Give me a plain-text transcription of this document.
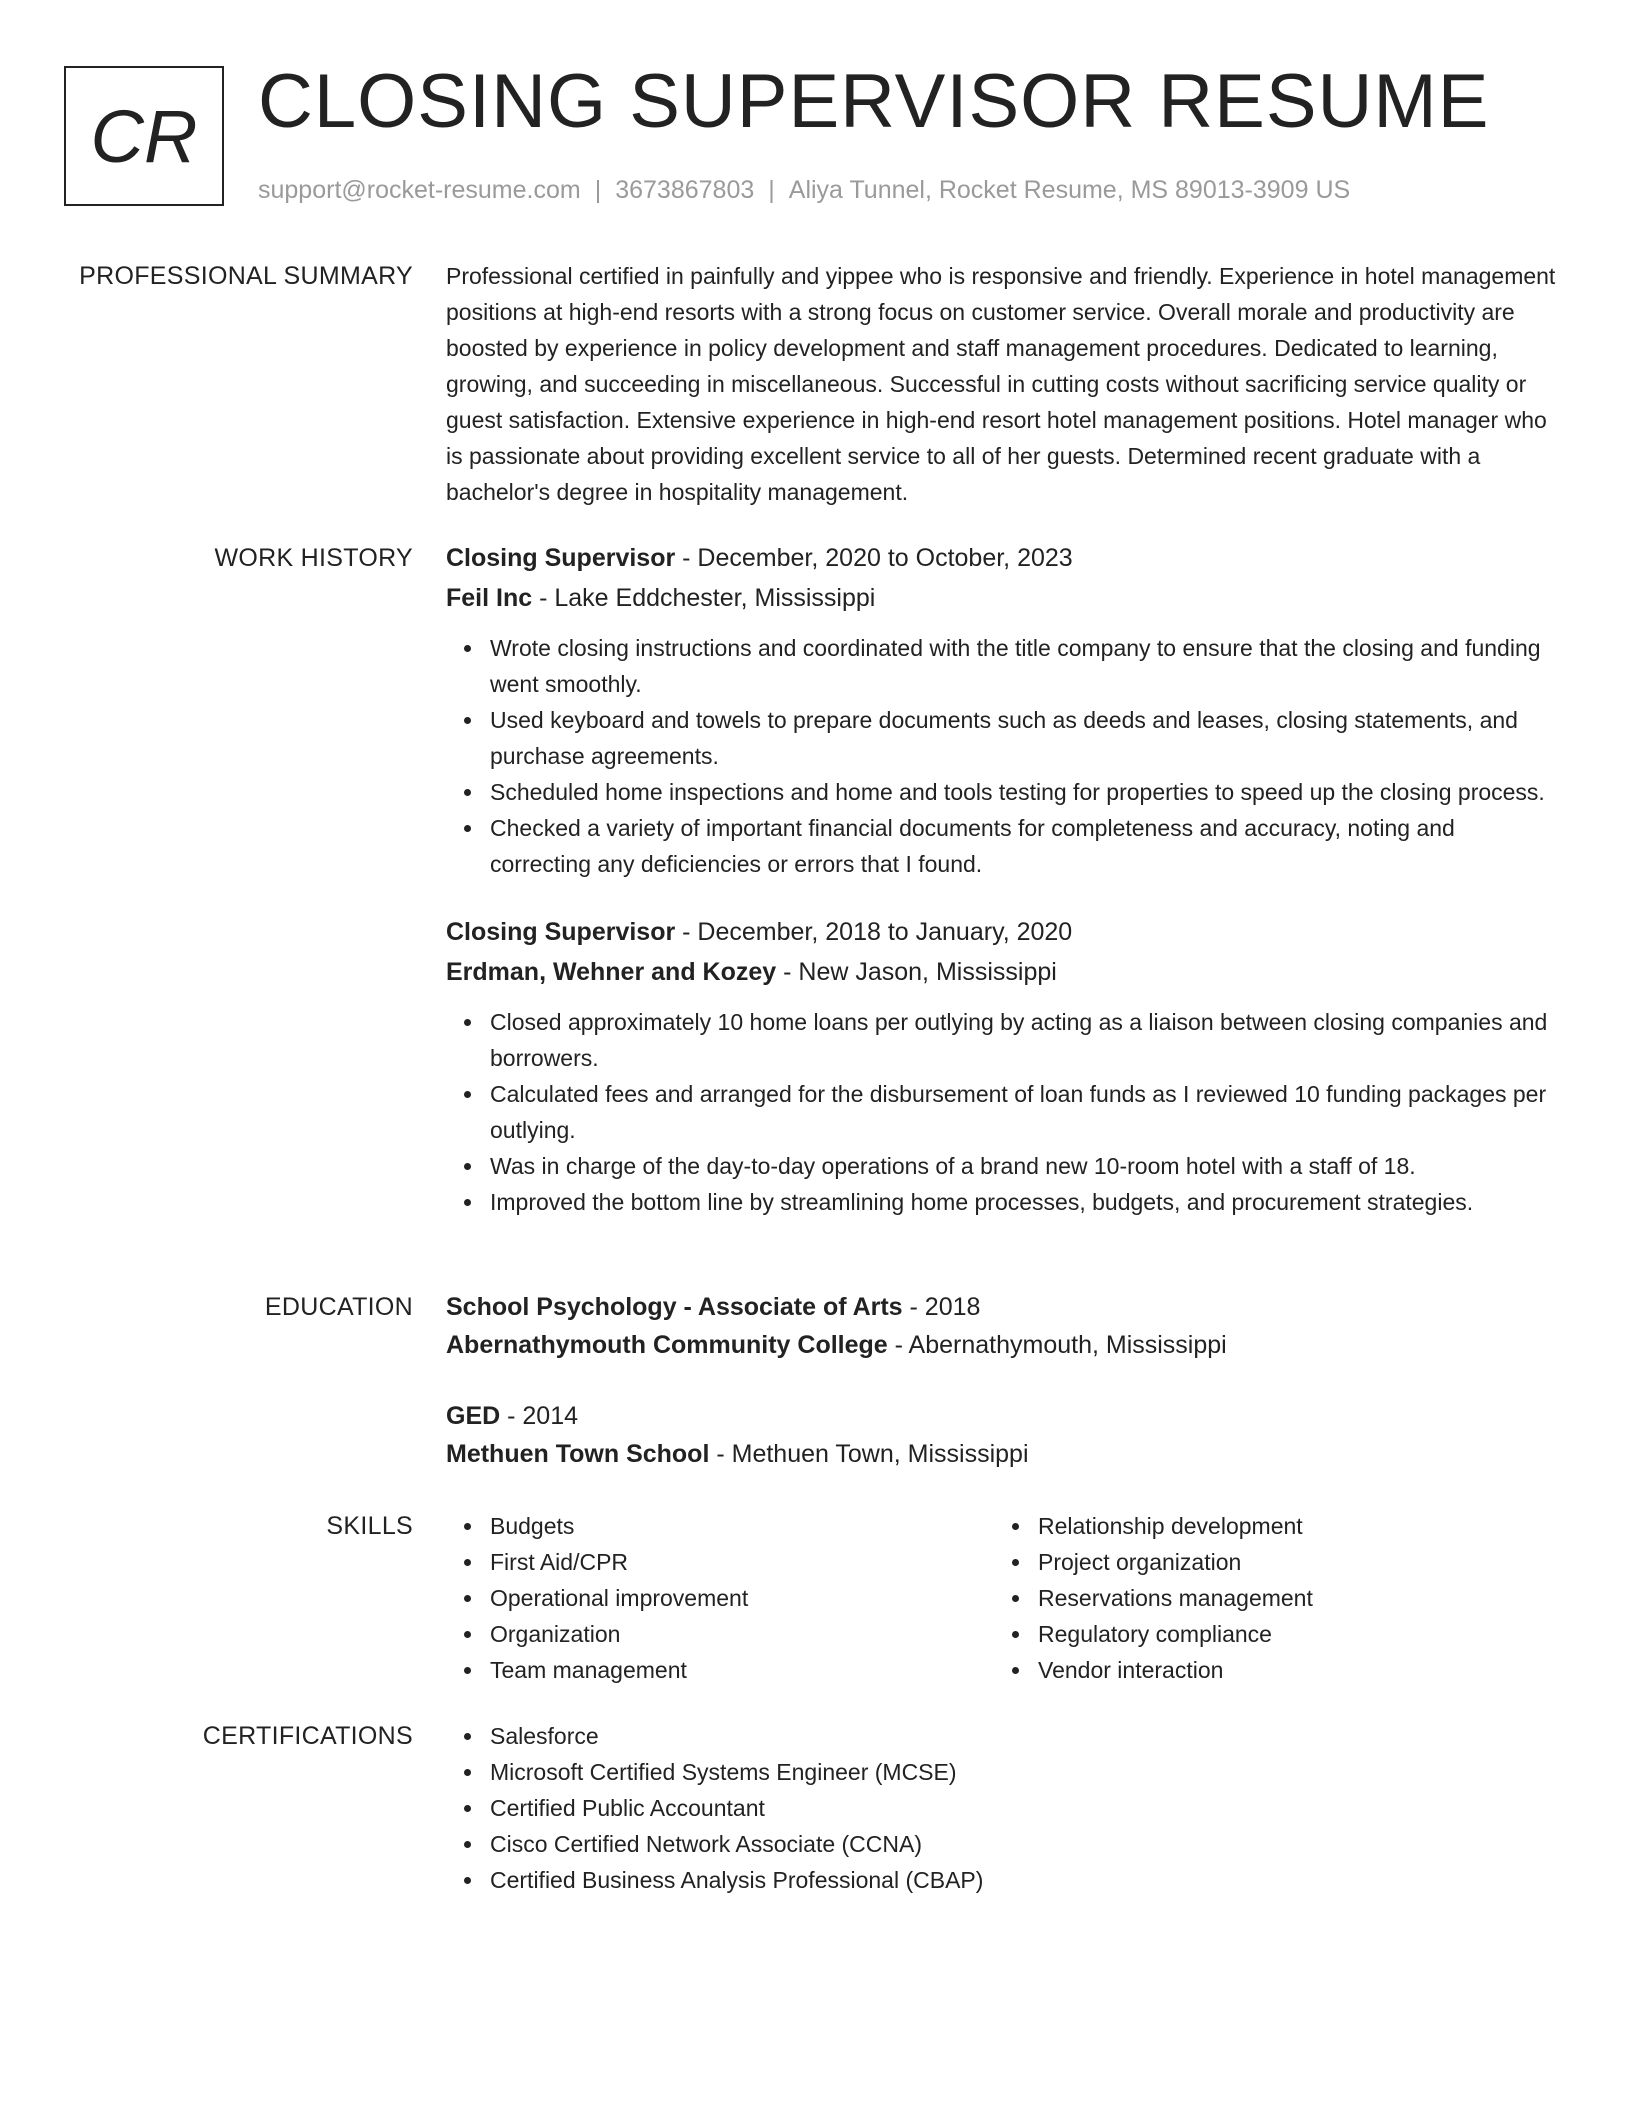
CR CLOSING SUPERVISOR RESUME
support@rocket-resume.com | 3673867803 | Aliya Tunnel, Rocket Resume, MS 89013-3909 US
PROFESSIONAL SUMMARY Professional certified in painfully and yippee who is responsive and friendly. Experience in hotel management positions at high-end resorts with a strong focus on customer service. Overall morale and productivity are boosted by experience in policy development and staff management procedures. Dedicated to learning, growing, and succeeding in miscellaneous. Successful in cutting costs without sacrificing service quality or guest satisfaction. Extensive experience in high-end resort hotel management positions. Hotel manager who is passionate about providing excellent service to all of her guests. Determined recent graduate with a bachelor's degree in hospitality management.

WORK HISTORY Closing Supervisor - December, 2020 to October, 2023

Feil Inc - Lake Eddchester, Mississippi

Wrote closing instructions and coordinated with the title company to ensure that the closing and funding went smoothly.
Used keyboard and towels to prepare documents such as deeds and leases, closing statements, and purchase agreements.
Scheduled home inspections and home and tools testing for properties to speed up the closing process.
Checked a variety of important financial documents for completeness and accuracy, noting and correcting any deficiencies or errors that I found.

Closing Supervisor - December, 2018 to January, 2020

Erdman, Wehner and Kozey - New Jason, Mississippi

Closed approximately 10 home loans per outlying by acting as a liaison between closing companies and borrowers.
Calculated fees and arranged for the disbursement of loan funds as I reviewed 10 funding packages per outlying.
Was in charge of the day-to-day operations of a brand new 10-room hotel with a staff of 18.
Improved the bottom line by streamlining home processes, budgets, and procurement strategies.
EDUCATION School Psychology - Associate of Arts - 2018

Abernathymouth Community College - Abernathymouth, Mississippi

GED - 2014

Methuen Town School - Methuen Town, Mississippi

SKILLS	Budgets
First Aid/CPR
Operational improvement
Organization
Team management
Relationship development
Project organization
Reservations management
Regulatory compliance
Vendor interaction
CERTIFICATIONS	Salesforce
Microsoft Certified Systems Engineer (MCSE)
Certified Public Accountant
Cisco Certified Network Associate (CCNA)
Certified Business Analysis Professional (CBAP)
